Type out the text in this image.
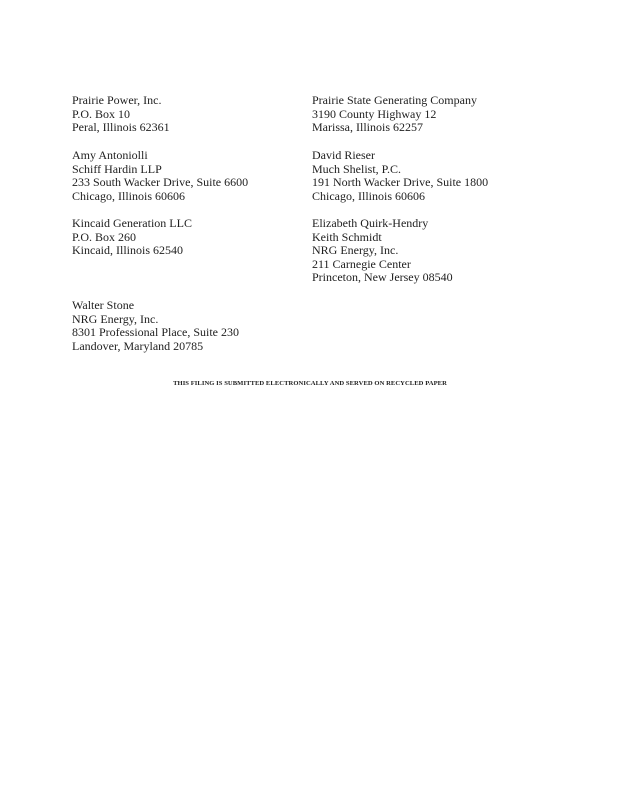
Prairie Power, Inc.
P.O. Box 10
Peral, Illinois 62361
Amy Antoniolli
Schiff Hardin LLP
233 South Wacker Drive, Suite 6600
Chicago, Illinois 60606
Kincaid Generation LLC
P.O. Box 260
Kincaid, Illinois 62540
Walter Stone
NRG Energy, Inc.
8301 Professional Place, Suite 230
Landover, Maryland 20785
Prairie State Generating Company
3190 County Highway 12
Marissa, Illinois 62257
David Rieser
Much Shelist, P.C.
191 North Wacker Drive, Suite 1800
Chicago, Illinois 60606
Elizabeth Quirk-Hendry
Keith Schmidt
NRG Energy, Inc.
211 Carnegie Center
Princeton, New Jersey 08540
THIS FILING IS SUBMITTED ELECTRONICALLY AND SERVED ON RECYCLED PAPER
